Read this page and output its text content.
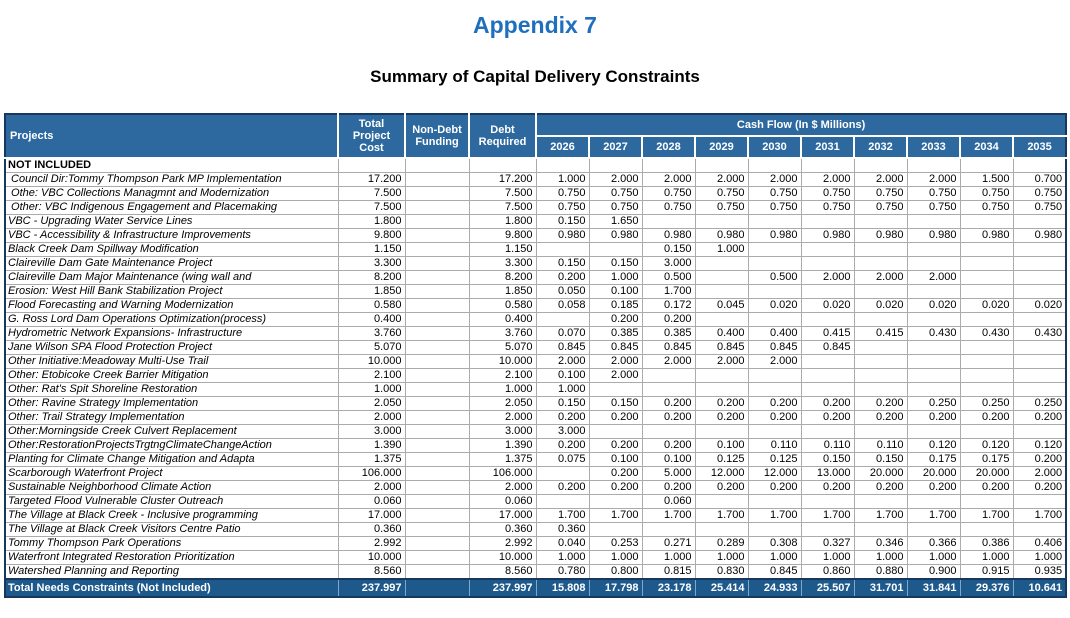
Appendix 7
Summary of Capital Delivery Constraints
Projects	Total Project Cost	Non-Debt Funding	Debt Required	Cash Flow (In $ Millions)									
				2026	2027	2028	2029	2030	2031	2032	2033	2034	2035
NOT INCLUDED													
Council Dir:Tommy Thompson Park MP Implementation	17.200		17.200	1.000	2.000	2.000	2.000	2.000	2.000	2.000	2.000	1.500	0.700
Othe: VBC Collections Managmnt and Modernization	7.500		7.500	0.750	0.750	0.750	0.750	0.750	0.750	0.750	0.750	0.750	0.750
Other: VBC Indigenous Engagement and Placemaking	7.500		7.500	0.750	0.750	0.750	0.750	0.750	0.750	0.750	0.750	0.750	0.750
VBC - Upgrading Water Service Lines	1.800		1.800	0.150	1.650								
VBC - Accessibility & Infrastructure Improvements	9.800		9.800	0.980	0.980	0.980	0.980	0.980	0.980	0.980	0.980	0.980	0.980
Black Creek Dam Spillway Modification	1.150		1.150			0.150	1.000						
Claireville Dam Gate Maintenance Project	3.300		3.300	0.150	0.150	3.000							
Claireville Dam Major Maintenance (wing wall and	8.200		8.200	0.200	1.000	0.500		0.500	2.000	2.000	2.000		
Erosion: West Hill Bank Stabilization Project	1.850		1.850	0.050	0.100	1.700							
Flood Forecasting and Warning Modernization	0.580		0.580	0.058	0.185	0.172	0.045	0.020	0.020	0.020	0.020	0.020	0.020
G. Ross Lord Dam Operations Optimization(process)	0.400		0.400		0.200	0.200							
Hydrometric Network Expansions- Infrastructure	3.760		3.760	0.070	0.385	0.385	0.400	0.400	0.415	0.415	0.430	0.430	0.430
Jane Wilson SPA Flood Protection Project	5.070		5.070	0.845	0.845	0.845	0.845	0.845	0.845				
Other Initiative:Meadoway Multi-Use Trail	10.000		10.000	2.000	2.000	2.000	2.000	2.000					
Other: Etobicoke Creek Barrier Mitigation	2.100		2.100	0.100	2.000								
Other: Rat's Spit Shoreline Restoration	1.000		1.000	1.000									
Other: Ravine Strategy Implementation	2.050		2.050	0.150	0.150	0.200	0.200	0.200	0.200	0.200	0.250	0.250	0.250
Other: Trail Strategy Implementation	2.000		2.000	0.200	0.200	0.200	0.200	0.200	0.200	0.200	0.200	0.200	0.200
Other:Morningside Creek Culvert Replacement	3.000		3.000	3.000									
Other:RestorationProjectsTrgtngClimateChangeAction	1.390		1.390	0.200	0.200	0.200	0.100	0.110	0.110	0.110	0.120	0.120	0.120
Planting for Climate Change Mitigation and Adapta	1.375		1.375	0.075	0.100	0.100	0.125	0.125	0.150	0.150	0.175	0.175	0.200
Scarborough Waterfront Project	106.000		106.000		0.200	5.000	12.000	12.000	13.000	20.000	20.000	20.000	2.000
Sustainable Neighborhood Climate Action	2.000		2.000	0.200	0.200	0.200	0.200	0.200	0.200	0.200	0.200	0.200	0.200
Targeted Flood Vulnerable Cluster Outreach	0.060		0.060			0.060							
The Village at Black Creek - Inclusive programming	17.000		17.000	1.700	1.700	1.700	1.700	1.700	1.700	1.700	1.700	1.700	1.700
The Village at Black Creek Visitors Centre Patio	0.360		0.360	0.360									
Tommy Thompson Park Operations	2.992		2.992	0.040	0.253	0.271	0.289	0.308	0.327	0.346	0.366	0.386	0.406
Waterfront Integrated Restoration Prioritization	10.000		10.000	1.000	1.000	1.000	1.000	1.000	1.000	1.000	1.000	1.000	1.000
Watershed Planning and Reporting	8.560		8.560	0.780	0.800	0.815	0.830	0.845	0.860	0.880	0.900	0.915	0.935
Total Needs Constraints (Not Included)	237.997		237.997	15.808	17.798	23.178	25.414	24.933	25.507	31.701	31.841	29.376	10.641
